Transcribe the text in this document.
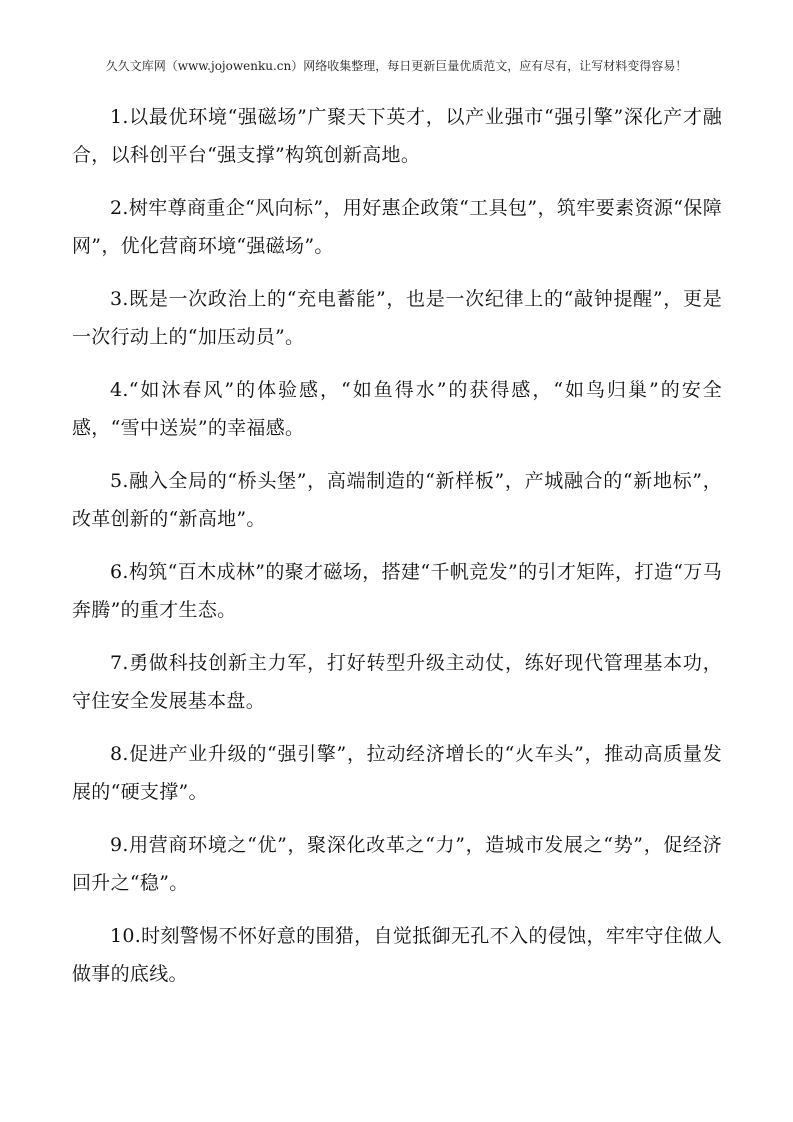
久久文库网（www.jojowenku.cn）网络收集整理，每日更新巨量优质范文，应有尽有，让写材料变得容易！
1.以最优环境“强磁场”广聚天下英才，以产业强市“强引擎”深化产才融合，以科创平台“强支撑”构筑创新高地。
2.树牢尊商重企“风向标”，用好惠企政策“工具包”，筑牢要素资源“保障网”，优化营商环境“强磁场”。
3.既是一次政治上的“充电蓄能”，也是一次纪律上的“敲钟提醒”，更是一次行动上的“加压动员”。
4.“如沐春风”的体验感，“如鱼得水”的获得感，“如鸟归巢”的安全感，“雪中送炭”的幸福感。
5.融入全局的“桥头堡”，高端制造的“新样板”，产城融合的“新地标”，改革创新的“新高地”。
6.构筑“百木成林”的聚才磁场，搭建“千帆竞发”的引才矩阵，打造“万马奔腾”的重才生态。
7.勇做科技创新主力军，打好转型升级主动仗，练好现代管理基本功，守住安全发展基本盘。
8.促进产业升级的“强引擎”，拉动经济增长的“火车头”，推动高质量发展的“硬支撑”。
9.用营商环境之“优”，聚深化改革之“力”，造城市发展之“势”，促经济回升之“稳”。
10.时刻警惕不怀好意的围猎，自觉抵御无孔不入的侵蚀，牢牢守住做人做事的底线。
